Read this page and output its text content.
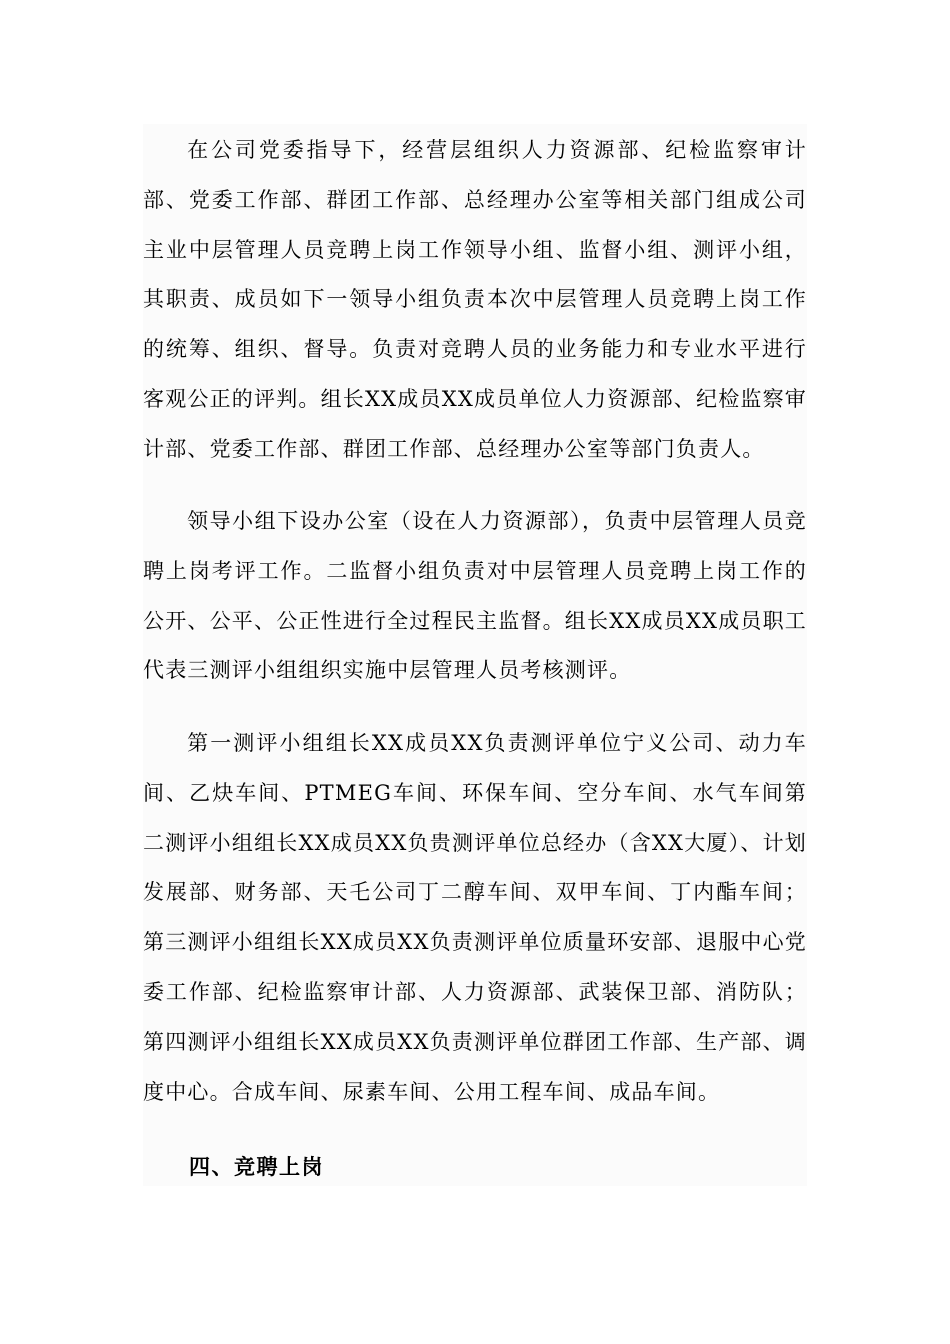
在公司党委指导下，经营层组织人力资源部、纪检监察审计部、党委工作部、群团工作部、总经理办公室等相关部门组成公司主业中层管理人员竞聘上岗工作领导小组、监督小组、测评小组，其职责、成员如下一领导小组负责本次中层管理人员竞聘上岗工作的统筹、组织、督导。负责对竞聘人员的业务能力和专业水平进行客观公正的评判。组长XX成员XX成员单位人力资源部、纪检监察审计部、党委工作部、群团工作部、总经理办公室等部门负责人。

领导小组下设办公室（设在人力资源部），负责中层管理人员竞聘上岗考评工作。二监督小组负责对中层管理人员竞聘上岗工作的公开、公平、公正性进行全过程民主监督。组长XX成员XX成员职工代表三测评小组组织实施中层管理人员考核测评。

第一测评小组组长XX成员XX负责测评单位宁义公司、动力车间、乙炔车间、PTMEG车间、环保车间、空分车间、水气车间第二测评小组组长XX成员XX负贵测评单位总经办（含XX大厦）、计划发展部、财务部、天乇公司丁二醇车间、双甲车间、丁内酯车间；第三测评小组组长XX成员XX负责测评单位质量环安部、退服中心党委工作部、纪检监察审计部、人力资源部、武装保卫部、消防队；第四测评小组组长XX成员XX负责测评单位群团工作部、生产部、调度中心。合成车间、尿素车间、公用工程车间、成品车间。

四、竞聘上岗
